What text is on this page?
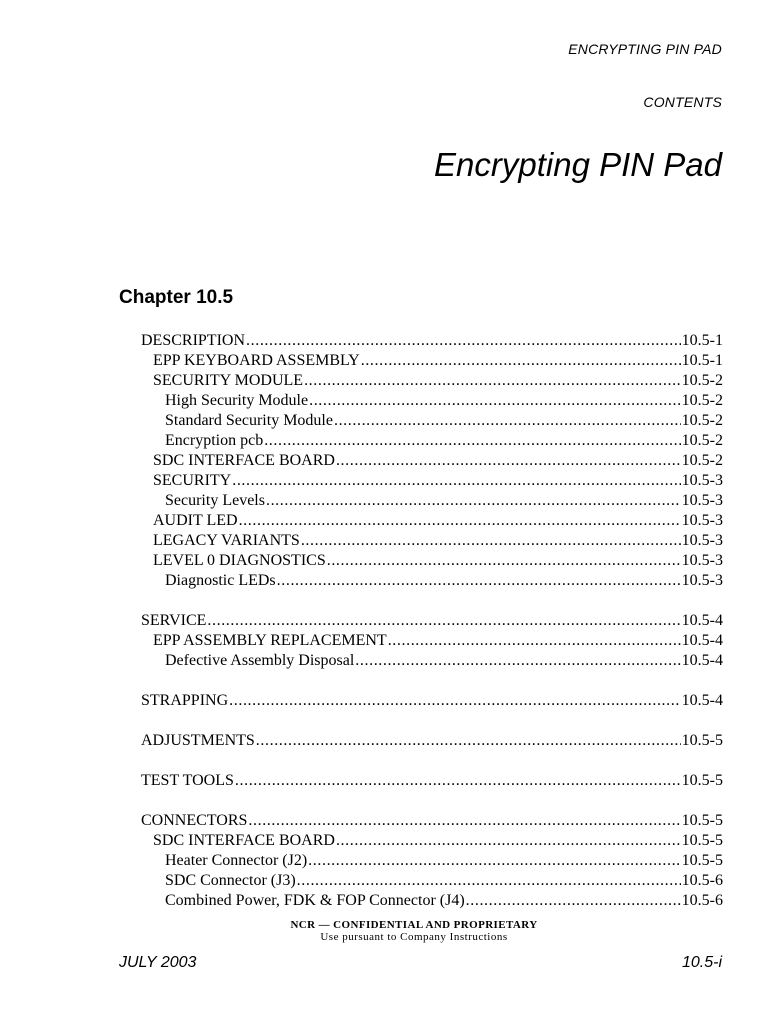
ENCRYPTING PIN PAD
CONTENTS
Encrypting PIN Pad
Chapter 10.5
DESCRIPTION .....	10.5-1
EPP KEYBOARD ASSEMBLY .....	10.5-1
SECURITY MODULE .....	10.5-2
High Security Module .....	10.5-2
Standard Security Module .....	10.5-2
Encryption pcb .....	10.5-2
SDC INTERFACE BOARD .....	10.5-2
SECURITY .....	10.5-3
Security Levels .....	10.5-3
AUDIT LED .....	10.5-3
LEGACY VARIANTS .....	10.5-3
LEVEL 0 DIAGNOSTICS .....	10.5-3
Diagnostic LEDs .....	10.5-3
SERVICE .....	10.5-4
EPP ASSEMBLY REPLACEMENT .....	10.5-4
Defective Assembly Disposal .....	10.5-4
STRAPPING .....	10.5-4
ADJUSTMENTS .....	10.5-5
TEST TOOLS .....	10.5-5
CONNECTORS .....	10.5-5
SDC INTERFACE BOARD .....	10.5-5
Heater Connector (J2) .....	10.5-5
SDC Connector (J3) .....	10.5-6
Combined Power, FDK & FOP Connector (J4) .....	10.5-6
NCR — CONFIDENTIAL AND PROPRIETARY
Use pursuant to Company Instructions
JULY 2003	10.5-i
